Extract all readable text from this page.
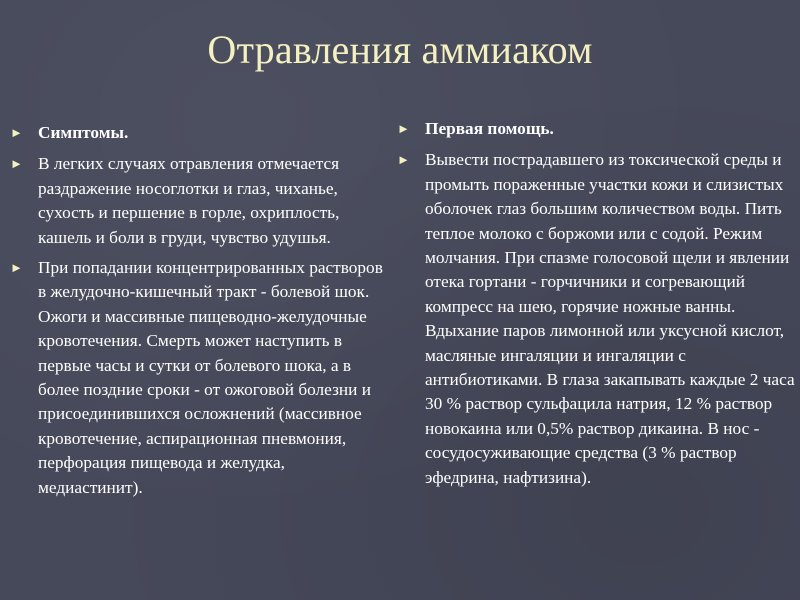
Отравления аммиаком
► Симптомы.
► В легких случаях отравления отмечается раздражение носоглотки и глаз, чиханье, сухость и першение в горле, охриплость, кашель и боли в груди, чувство удушья.
► При попадании концентрированных растворов в желудочно-кишечный тракт - болевой шок. Ожоги и массивные пищеводно-желудочные кровотечения. Смерть может наступить в первые часы и сутки от болевого шока, а в более поздние сроки - от ожоговой болезни и присоединившихся осложнений (массивное кровотечение, аспирационная пневмония, перфорация пищевода и желудка, медиастинит).
► Первая помощь.
► Вывести пострадавшего из токсической среды и промыть пораженные участки кожи и слизистых оболочек глаз большим количеством воды. Пить теплое молоко с боржоми или с содой. Режим молчания. При спазме голосовой щели и явлении отека гортани - горчичники и согревающий компресс на шею, горячие ножные ванны. Вдыхание паров лимонной или уксусной кислот, масляные ингаляции и ингаляции с антибиотиками. В глаза закапывать каждые 2 часа 30 % раствор сульфацила натрия, 12 % раствор новокаина или 0,5% раствор дикаина. В нос - сосудосуживающие средства (3 % раствор эфедрина, нафтизина).
